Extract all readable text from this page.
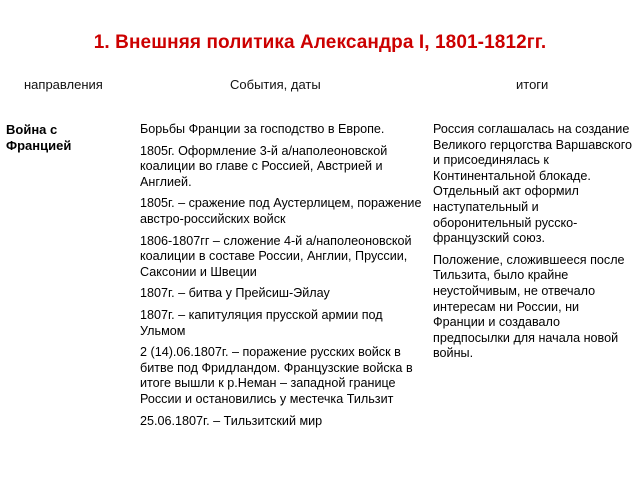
1. Внешняя политика Александра I, 1801-1812гг.
направления	События, даты	итоги
Война с Францией

Борьбы Франции за господство в Европе.

1805г. Оформление 3-й а/наполеоновской коалиции во главе с Россией, Австрией и Англией.

1805г. – сражение под Аустерлицем, поражение австро-российских войск

1806-1807гг – сложение 4-й а/наполеоновской коалиции в составе России, Англии, Пруссии, Саксонии и Швеции

1807г. – битва у Прейсиш-Эйлау

1807г. – капитуляция прусской армии под Ульмом

2 (14).06.1807г. – поражение русских войск в битве под Фридландом. Французские войска в итоге вышли к р.Неман – западной границе России и остановились у местечка Тильзит

25.06.1807г. – Тильзитский мир

Россия соглашалась на создание Великого герцогства Варшавского и присоединялась к Континентальной блокаде. Отдельный акт оформил наступательный и оборонительный русско-французский союз.

Положение, сложившееся после Тильзита, было крайне неустойчивым, не отвечало интересам ни России, ни Франции и создавало предпосылки для начала новой войны.
